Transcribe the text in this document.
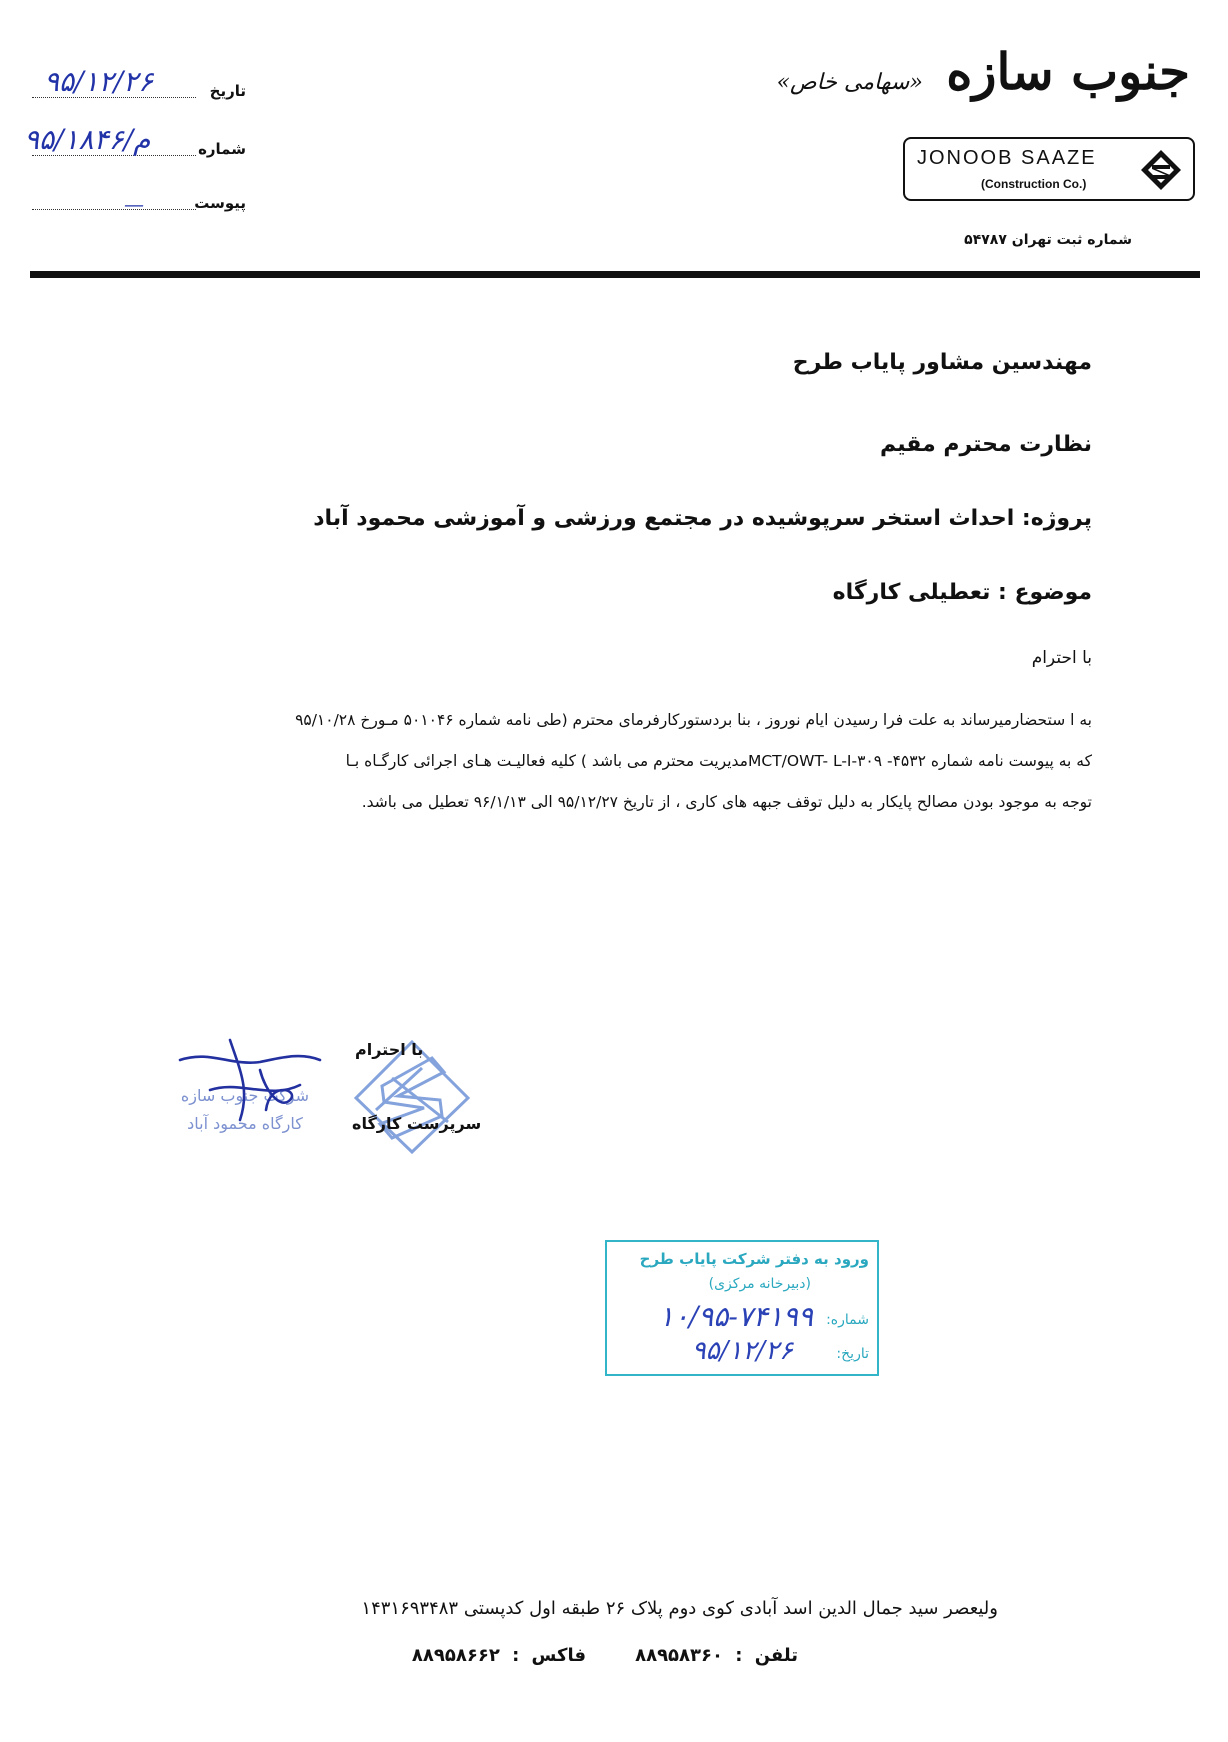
جنوب سازه «سهامی خاص»
JONOOB SAAZE
(Construction Co.)
شماره ثبت تهران ۵۴۷۸۷
۹۵/۱۲/۲۶	تاریخ
۹۵/۱۸۴۶/م	شماره
—	پیوست
مهندسین مشاور پایاب طرح
نظارت محترم مقیم
پروژه: احداث استخر سرپوشیده در مجتمع ورزشی و آموزشی محمود آباد
موضوع : تعطیلی کارگاه
با احترام
به ا ستحضارمیرساند به علت فرا رسیدن ایام نوروز ، بنا بردستورکارفرمای محترم (طی نامه شماره ۵۰۱۰۴۶ مـورخ ۹۵/۱۰/۲۸
که به پیوست نامه شماره ۴۵۳۲- MCT/OWT- L-I-۳۰۹مدیریت محترم می باشد ) کلیه فعالیـت هـای اجرائی کارگـاه بـا
توجه به موجود بودن مصالح پایکار به دلیل توقف جبهه های کاری ، از تاریخ ۹۵/۱۲/۲۷ الی ۹۶/۱/۱۳ تعطیل می باشد.
شرکت جنوب سازه
کارگاه محمود آباد
با احترام
سرپرست کارگاه
ورود به دفتر شرکت پایاب طرح
(دبیرخانه مرکزی)
شماره:
۱۰/۹۵-۷۴۱۹۹
تاریخ:
۹۵/۱۲/۲۶
ولیعصر سید جمال الدین اسد آبادی کوی دوم پلاک ۲۶ طبقه اول کدپستی ۱۴۳۱۶۹۳۴۸۳
تلفن : ۸۸۹۵۸۳۶۰    فاکس : ۸۸۹۵۸۶۶۲
